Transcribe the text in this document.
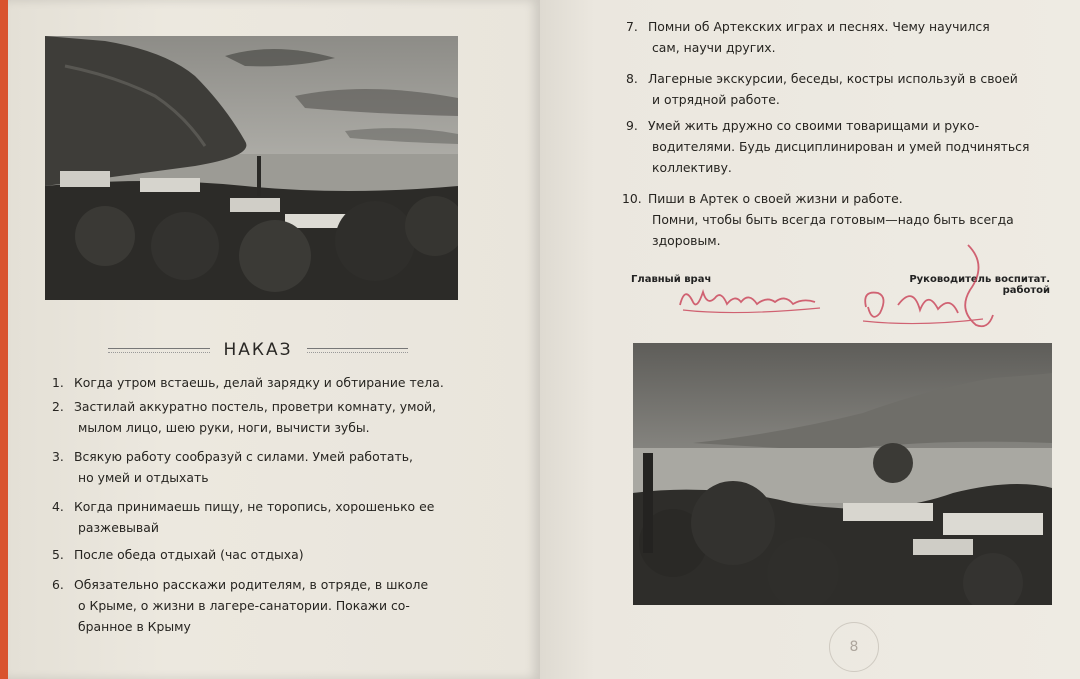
НАКАЗ
1. Когда утром встаешь, делай зарядку и обтирание тела.
2. Застилай аккуратно постель, проветри комнату, умой,
мылом лицо, шею руки, ноги, вычисти зубы.
3. Всякую работу сообразуй с силами. Умей работать,
но умей и отдыхать
4. Когда принимаешь пищу, не торопись, хорошенько ее
разжевывай
5. После обеда отдыхай (час отдыха)
6. Обязательно расскажи родителям, в отряде, в школе
о Крыме, о жизни в лагере-санатории. Покажи со-
бранное в Крыму
7. Помни об Артекских играх и песнях. Чему научился
сам, научи других.
8. Лагерные экскурсии, беседы, костры используй в своей
и отрядной работе.
9. Умей жить дружно со своими товарищами и руко-
водителями. Будь дисциплинирован и умей подчиняться
коллективу.
10. Пиши в Артек о своей жизни и работе.
Помни, чтобы быть всегда готовым—надо быть всегда
здоровым.
Главный врач	Руководитель воспитат.
работой
8
